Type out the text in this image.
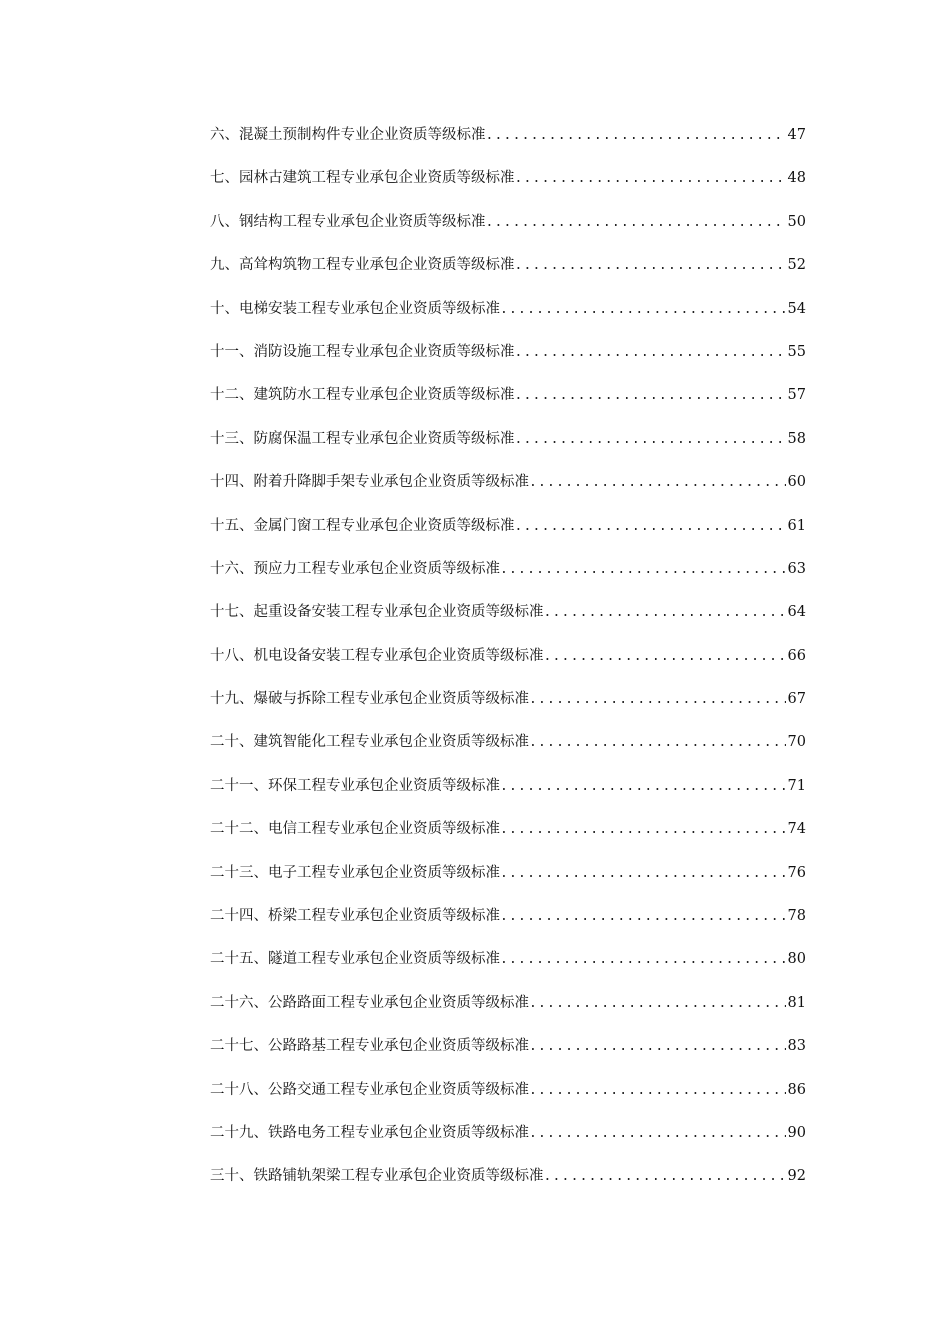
六、混凝土预制构件专业企业资质等级标准 .....	47
七、园林古建筑工程专业承包企业资质等级标准 .....	48
八、钢结构工程专业承包企业资质等级标准 .....	50
九、高耸构筑物工程专业承包企业资质等级标准 .....	52
十、电梯安装工程专业承包企业资质等级标准 .....	54
十一、消防设施工程专业承包企业资质等级标准 .....	55
十二、建筑防水工程专业承包企业资质等级标准 .....	57
十三、防腐保温工程专业承包企业资质等级标准 .....	58
十四、附着升降脚手架专业承包企业资质等级标准 .....	60
十五、金属门窗工程专业承包企业资质等级标准 .....	61
十六、预应力工程专业承包企业资质等级标准 .....	63
十七、起重设备安装工程专业承包企业资质等级标准 .....	64
十八、机电设备安装工程专业承包企业资质等级标准 .....	66
十九、爆破与拆除工程专业承包企业资质等级标准 .....	67
二十、建筑智能化工程专业承包企业资质等级标准 .....	70
二十一、环保工程专业承包企业资质等级标准 .....	71
二十二、电信工程专业承包企业资质等级标准 .....	74
二十三、电子工程专业承包企业资质等级标准 .....	76
二十四、桥梁工程专业承包企业资质等级标准 .....	78
二十五、隧道工程专业承包企业资质等级标准 .....	80
二十六、公路路面工程专业承包企业资质等级标准 .....	81
二十七、公路路基工程专业承包企业资质等级标准 .....	83
二十八、公路交通工程专业承包企业资质等级标准 .....	86
二十九、铁路电务工程专业承包企业资质等级标准 .....	90
三十、铁路铺轨架梁工程专业承包企业资质等级标准 .....	92
